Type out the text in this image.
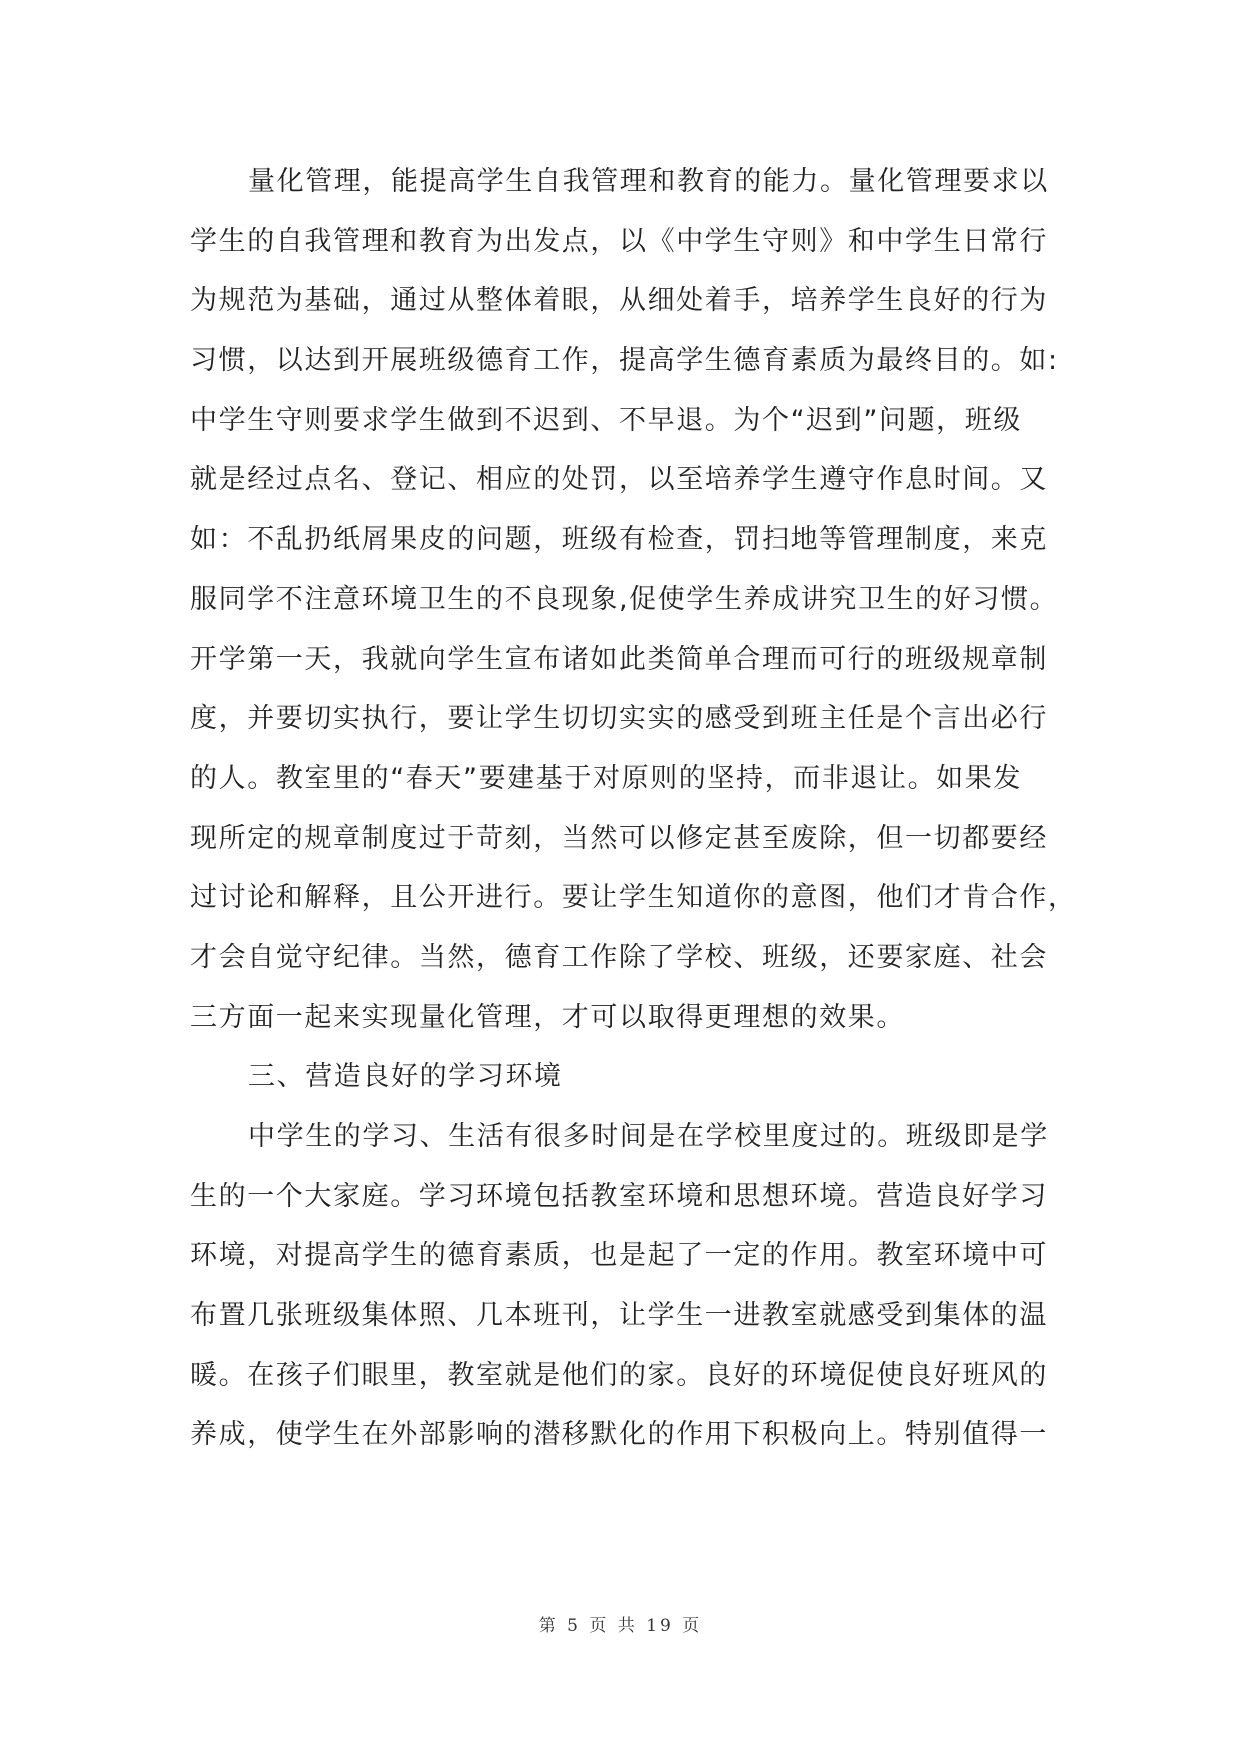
量化管理，能提高学生自我管理和教育的能力。量化管理要求以
学生的自我管理和教育为出发点，以《中学生守则》和中学生日常行
为规范为基础，通过从整体着眼，从细处着手，培养学生良好的行为
习惯，以达到开展班级德育工作，提高学生德育素质为最终目的。如:
中学生守则要求学生做到不迟到、不早退。为个“迟到”问题，班级
就是经过点名、登记、相应的处罚，以至培养学生遵守作息时间。又
如：不乱扔纸屑果皮的问题，班级有检查，罚扫地等管理制度，来克
服同学不注意环境卫生的不良现象,促使学生养成讲究卫生的好习惯。
开学第一天，我就向学生宣布诸如此类简单合理而可行的班级规章制
度，并要切实执行，要让学生切切实实的感受到班主任是个言出必行
的人。教室里的“春天”要建基于对原则的坚持，而非退让。如果发
现所定的规章制度过于苛刻，当然可以修定甚至废除，但一切都要经
过讨论和解释，且公开进行。要让学生知道你的意图，他们才肯合作，
才会自觉守纪律。当然，德育工作除了学校、班级，还要家庭、社会
三方面一起来实现量化管理，才可以取得更理想的效果。
三、营造良好的学习环境
中学生的学习、生活有很多时间是在学校里度过的。班级即是学
生的一个大家庭。学习环境包括教室环境和思想环境。营造良好学习
环境，对提高学生的德育素质，也是起了一定的作用。教室环境中可
布置几张班级集体照、几本班刊，让学生一进教室就感受到集体的温
暖。在孩子们眼里，教室就是他们的家。良好的环境促使良好班风的
养成，使学生在外部影响的潜移默化的作用下积极向上。特别值得一
第 5 页 共 19 页
